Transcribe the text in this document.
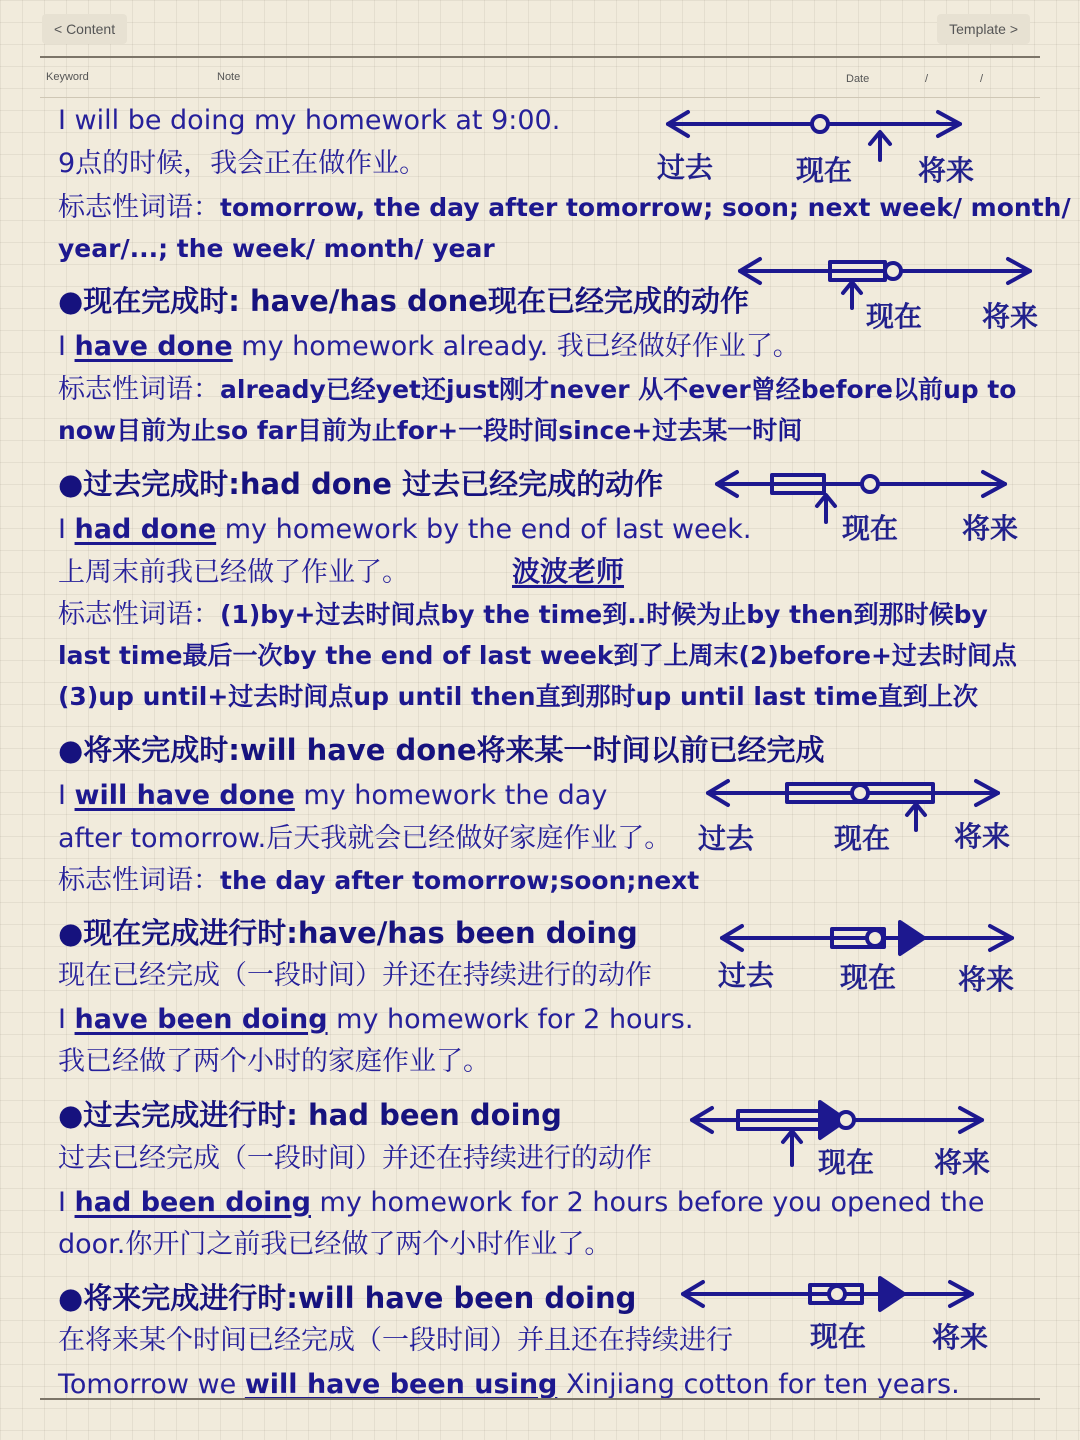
< Content	Template >
Keyword	Note	Date	/	/
I will be doing my homework at 9:00.
9点的时候，我会正在做作业。
标志性词语：tomorrow, the day after tomorrow; soon; next week/ month/
year/...; the week/ month/ year
●现在完成时: have/has done现在已经完成的动作
I have done my homework already. 我已经做好作业了。
标志性词语：already已经yet还just刚才never 从不ever曾经before以前up to
now目前为止so far目前为止for+一段时间since+过去某一时间
●过去完成时:had done 过去已经完成的动作
I had done my homework by the end of last week.
上周末前我已经做了作业了。	波波老师
标志性词语：(1)by+过去时间点by the time到..时候为止by then到那时候by
last time最后一次by the end of last week到了上周末(2)before+过去时间点
(3)up until+过去时间点up until then直到那时up until last time直到上次
●将来完成时:will have done将来某一时间以前已经完成
I will have done my homework the day
after tomorrow.后天我就会已经做好家庭作业了。
标志性词语：the day after tomorrow;soon;next
●现在完成进行时:have/has been doing
现在已经完成（一段时间）并还在持续进行的动作
I have been doing my homework for 2 hours.
我已经做了两个小时的家庭作业了。
●过去完成进行时: had been doing
过去已经完成（一段时间）并还在持续进行的动作
I had been doing my homework for 2 hours before you opened the
door.你开门之前我已经做了两个小时作业了。
●将来完成进行时:will have been doing
在将来某个时间已经完成（一段时间）并且还在持续进行
Tomorrow we will have been using Xinjiang cotton for ten years.
过去	现在 将来
现在 将来
现在 将来
过去	现在 将来
过去 现在 将来
现在 将来
现在 将来
